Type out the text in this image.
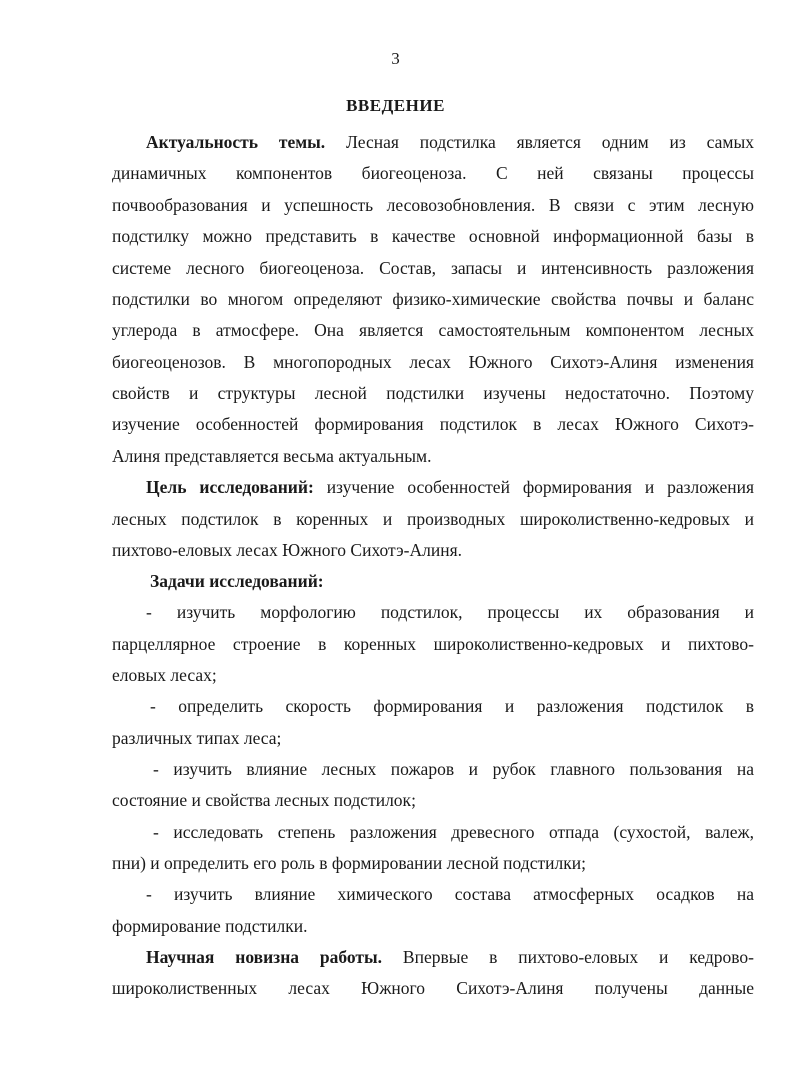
3
ВВЕДЕНИЕ
Актуальность темы. Лесная подстилка является одним из самых
динамичных компонентов биогеоценоза. С ней связаны процессы
почвообразования и успешность лесовозобновления. В связи с этим лесную
подстилку можно представить в качестве основной информационной базы в
системе лесного биогеоценоза. Состав, запасы и интенсивность разложения
подстилки во многом определяют физико-химические свойства почвы и баланс
углерода в атмосфере. Она является самостоятельным компонентом лесных
биогеоценозов. В многопородных лесах Южного Сихотэ-Алиня изменения
свойств и структуры лесной подстилки изучены недостаточно. Поэтому
изучение особенностей формирования подстилок в лесах Южного Сихотэ-
Алиня представляется весьма актуальным.
Цель исследований: изучение особенностей формирования и разложения
лесных подстилок в коренных и производных широколиственно-кедровых и
пихтово-еловых лесах Южного Сихотэ-Алиня.
Задачи исследований:
- изучить морфологию подстилок, процессы их образования и
парцеллярное строение в коренных широколиственно-кедровых и пихтово-
еловых лесах;
- определить скорость формирования и разложения подстилок в
различных типах леса;
- изучить влияние лесных пожаров и рубок главного пользования на
состояние и свойства лесных подстилок;
- исследовать степень разложения древесного отпада (сухостой, валеж,
пни) и определить его роль в формировании лесной подстилки;
- изучить влияние химического состава атмосферных осадков на
формирование подстилки.
Научная новизна работы. Впервые в пихтово-еловых и кедрово-
широколиственных лесах Южного Сихотэ-Алиня получены данные
